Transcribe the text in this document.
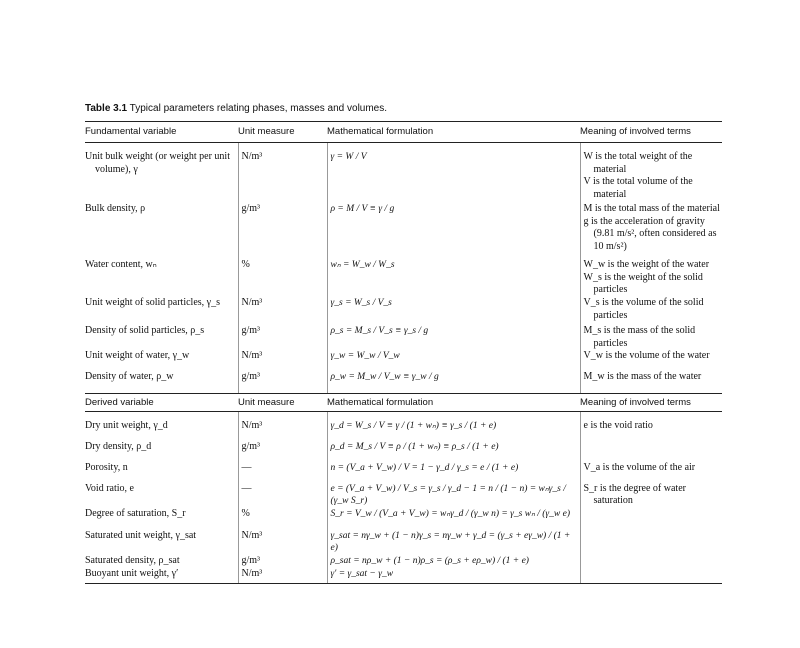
Table 3.1 Typical parameters relating phases, masses and volumes.
Fundamental variable	Unit measure	Mathematical formulation	Meaning of involved terms

Unit bulk weight (or weight per unit volume), γ	N/m³	γ = W / V	W is the total weight of the material
V is the total volume of the material

Bulk density, ρ	g/m³	ρ = M / V ≡ γ / g	M is the total mass of the material
g is the acceleration of gravity (9.81 m/s², often considered as 10 m/s²)

Water content, wₙ	%	wₙ = W_w / W_s	W_w is the weight of the water
W_s is the weight of the solid particles

Unit weight of solid particles, γ_s	N/m³	γ_s = W_s / V_s	V_s is the volume of the solid particles

Density of solid particles, ρ_s	g/m³	ρ_s = M_s / V_s ≡ γ_s / g	M_s is the mass of the solid particles

Unit weight of water, γ_w	N/m³	γ_w = W_w / V_w	V_w is the volume of the water

Density of water, ρ_w	g/m³	ρ_w = M_w / V_w ≡ γ_w / g	M_w is the mass of the water

Derived variable	Unit measure	Mathematical formulation	Meaning of involved terms

Dry unit weight, γ_d	N/m³	γ_d = W_s / V ≡ γ / (1 + wₙ) ≡ γ_s / (1 + e)	e is the void ratio

Dry density, ρ_d	g/m³	ρ_d = M_s / V ≡ ρ / (1 + wₙ) ≡ ρ_s / (1 + e)	
Porosity, n	—	n = (V_a + V_w) / V = 1 − γ_d / γ_s = e / (1 + e)	V_a is the volume of the air

Void ratio, e	—	e = (V_a + V_w) / V_s = γ_s / γ_d − 1 = n / (1 − n) = wₙγ_s / (γ_w S_r)	S_r is the degree of water saturation

Degree of saturation, S_r	%	S_r = V_w / (V_a + V_w) = wₙγ_d / (γ_w n) = γ_s wₙ / (γ_w e)	
Saturated unit weight, γ_sat	N/m³	γ_sat = nγ_w + (1 − n)γ_s = nγ_w + γ_d = (γ_s + eγ_w) / (1 + e)	
Saturated density, ρ_sat	g/m³	ρ_sat = nρ_w + (1 − n)ρ_s = (ρ_s + eρ_w) / (1 + e)	
Buoyant unit weight, γ′	N/m³	γ′ = γ_sat − γ_w	
